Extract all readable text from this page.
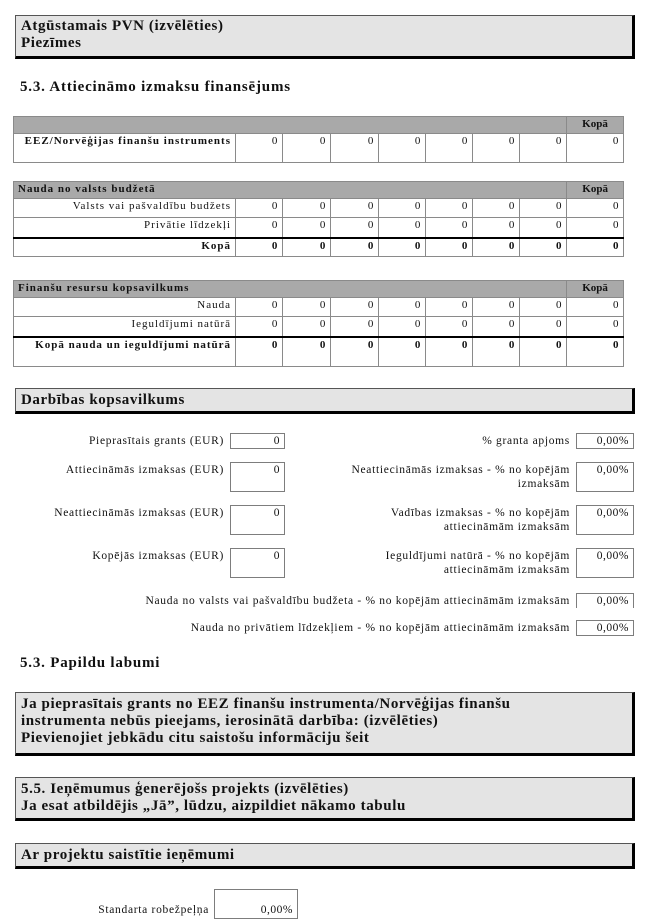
Atgūstamais PVN (izvēlēties)
Piezīmes
5.3. Attiecināmo izmaksu finansējums
								Kopā
EEZ/Norvēģijas finanšu instruments	0	0	0	0	0	0	0	0
Nauda no valsts budžetā								Kopā
Valsts vai pašvaldību budžets	0	0	0	0	0	0	0	0
Privātie līdzekļi	0	0	0	0	0	0	0	0
Kopā	0	0	0	0	0	0	0	0
Finanšu resursu kopsavilkums								Kopā
Nauda	0	0	0	0	0	0	0	0
Ieguldījumi natūrā	0	0	0	0	0	0	0	0
Kopā nauda un ieguldījumi natūrā	0	0	0	0	0	0	0	0
Darbības kopsavilkums
Pieprasītais grants (EUR)	0
Attiecināmās izmaksas (EUR)	0
Neattiecināmās izmaksas (EUR)	0
Kopējās izmaksas (EUR)	0
% granta apjoms	0,00%
Neattiecināmās izmaksas - % no kopējām
izmaksām
0,00%
Vadības izmaksas - % no kopējām
attiecināmām izmaksām
0,00%
Ieguldījumi natūrā - % no kopējām
attiecināmām izmaksām
0,00%
Nauda no valsts vai pašvaldību budžeta - % no kopējām attiecināmām izmaksām	0,00%
Nauda no privātiem līdzekļiem - % no kopējām attiecināmām izmaksām	0,00%
5.3. Papildu labumi
Ja pieprasītais grants no EEZ finanšu instrumenta/Norvēģijas finanšu
instrumenta nebūs pieejams, ierosinātā darbība: (izvēlēties)
Pievienojiet jebkādu citu saistošu informāciju šeit
5.5. Ieņēmumus ģenerējošs projekts (izvēlēties)
Ja esat atbildējis „Jā”, lūdzu, aizpildiet nākamo tabulu
Ar projektu saistītie ieņēmumi
Standarta robežpeļņa	0,00%
